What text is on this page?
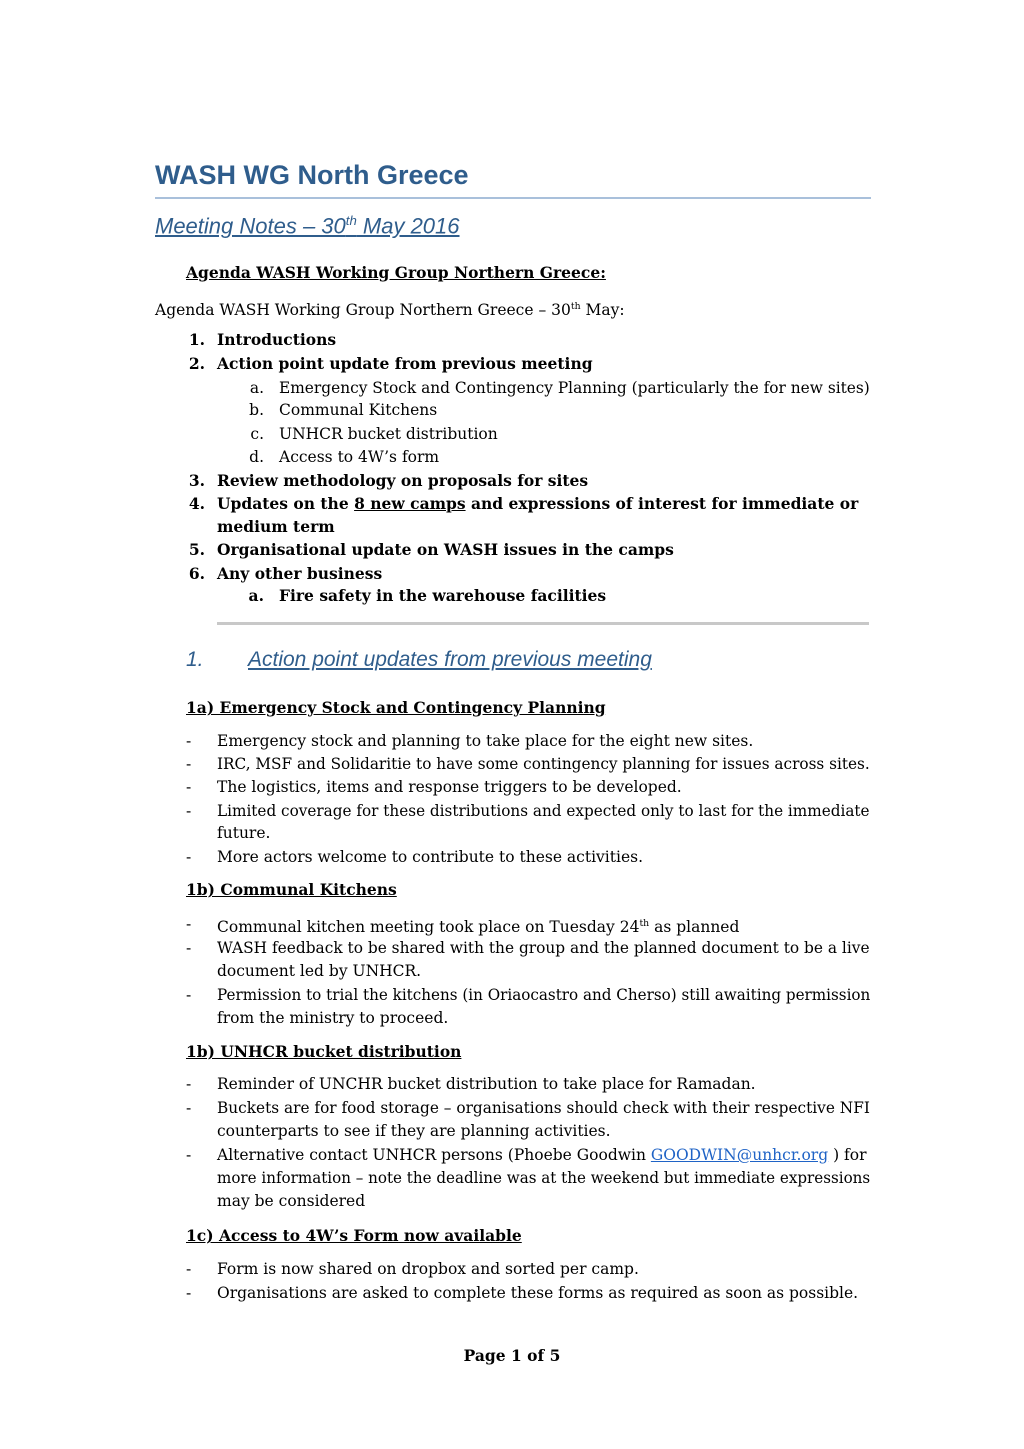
WASH WG North Greece
Meeting Notes – 30th May 2016
Agenda WASH Working Group Northern Greece:
Agenda WASH Working Group Northern Greece – 30th May:
1. Introductions
2. Action point update from previous meeting
a. Emergency Stock and Contingency Planning (particularly the for new sites)
b. Communal Kitchens
c. UNHCR bucket distribution
d. Access to 4W’s form
3. Review methodology on proposals for sites
4. Updates on the 8 new camps and expressions of interest for immediate or
medium term
5. Organisational update on WASH issues in the camps
6. Any other business
a. Fire safety in the warehouse facilities
1. Action point updates from previous meeting
1a) Emergency Stock and Contingency Planning
- Emergency stock and planning to take place for the eight new sites.
- IRC, MSF and Solidaritie to have some contingency planning for issues across sites.
- The logistics, items and response triggers to be developed.
- Limited coverage for these distributions and expected only to last for the immediate
future.
- More actors welcome to contribute to these activities.
1b) Communal Kitchens
- Communal kitchen meeting took place on Tuesday 24th as planned
- WASH feedback to be shared with the group and the planned document to be a live
document led by UNHCR.
- Permission to trial the kitchens (in Oriaocastro and Cherso) still awaiting permission
from the ministry to proceed.
1b) UNHCR bucket distribution
- Reminder of UNCHR bucket distribution to take place for Ramadan.
- Buckets are for food storage – organisations should check with their respective NFI
counterparts to see if they are planning activities.
- Alternative contact UNHCR persons (Phoebe Goodwin GOODWIN@unhcr.org ) for
more information – note the deadline was at the weekend but immediate expressions
may be considered
1c) Access to 4W’s Form now available
- Form is now shared on dropbox and sorted per camp.
- Organisations are asked to complete these forms as required as soon as possible.
Page 1 of 5
